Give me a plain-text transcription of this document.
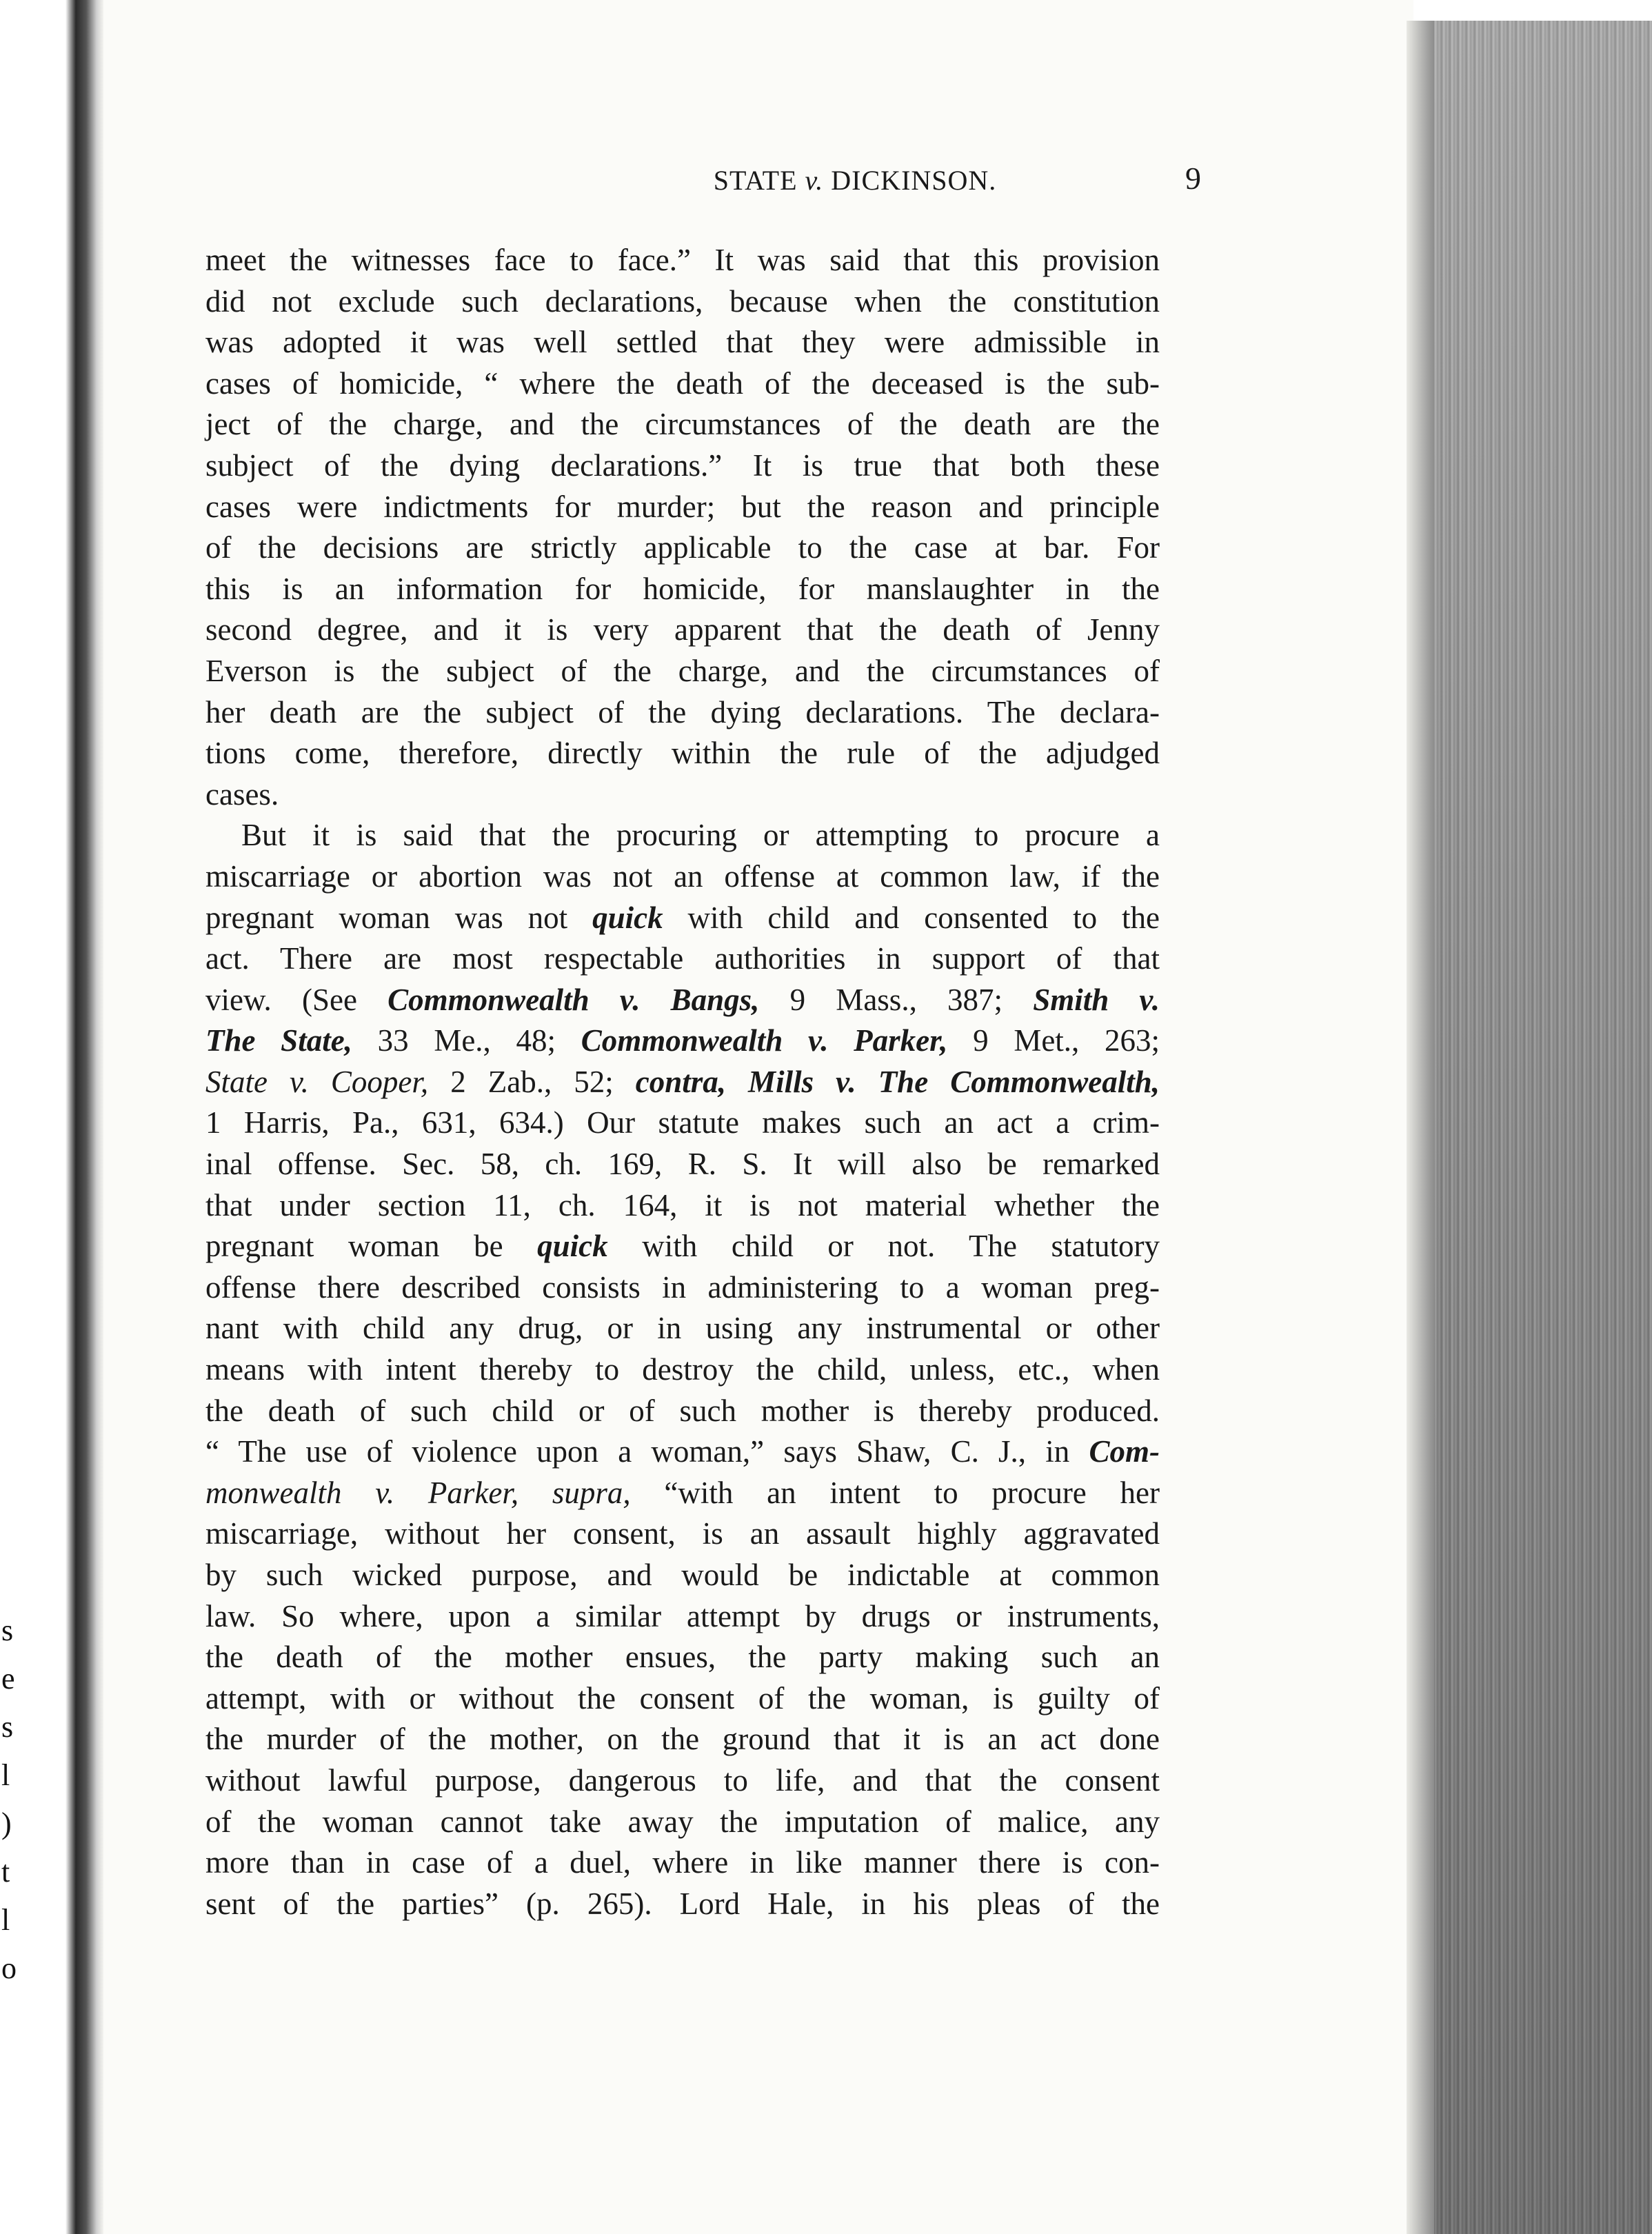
s
e
s
l
)
t
l
o
STATE v. DICKINSON.	9
meet the witnesses face to face.” It was said that this provision
did not exclude such declarations, because when the constitution
was adopted it was well settled that they were admissible in
cases of homicide, “ where the death of the deceased is the sub-
ject of the charge, and the circumstances of the death are the
subject of the dying declarations.” It is true that both these
cases were indictments for murder; but the reason and principle
of the decisions are strictly applicable to the case at bar. For
this is an information for homicide, for manslaughter in the
second degree, and it is very apparent that the death of Jenny
Everson is the subject of the charge, and the circumstances of
her death are the subject of the dying declarations. The declara-
tions come, therefore, directly within the rule of the adjudged
cases.
But it is said that the procuring or attempting to procure a
miscarriage or abortion was not an offense at common law, if the
pregnant woman was not quick with child and consented to the
act. There are most respectable authorities in support of that
view. (See Commonwealth v. Bangs, 9 Mass., 387; Smith v.
The State, 33 Me., 48; Commonwealth v. Parker, 9 Met., 263;
State v. Cooper, 2 Zab., 52; contra, Mills v. The Commonwealth,
1 Harris, Pa., 631, 634.) Our statute makes such an act a crim-
inal offense. Sec. 58, ch. 169, R. S. It will also be remarked
that under section 11, ch. 164, it is not material whether the
pregnant woman be quick with child or not. The statutory
offense there described consists in administering to a woman preg-
nant with child any drug, or in using any instrumental or other
means with intent thereby to destroy the child, unless, etc., when
the death of such child or of such mother is thereby produced.
“ The use of violence upon a woman,” says Shaw, C. J., in Com-
monwealth v. Parker, supra, “with an intent to procure her
miscarriage, without her consent, is an assault highly aggravated
by such wicked purpose, and would be indictable at common
law. So where, upon a similar attempt by drugs or instruments,
the death of the mother ensues, the party making such an
attempt, with or without the consent of the woman, is guilty of
the murder of the mother, on the ground that it is an act done
without lawful purpose, dangerous to life, and that the consent
of the woman cannot take away the imputation of malice, any
more than in case of a duel, where in like manner there is con-
sent of the parties” (p. 265). Lord Hale, in his pleas of the
